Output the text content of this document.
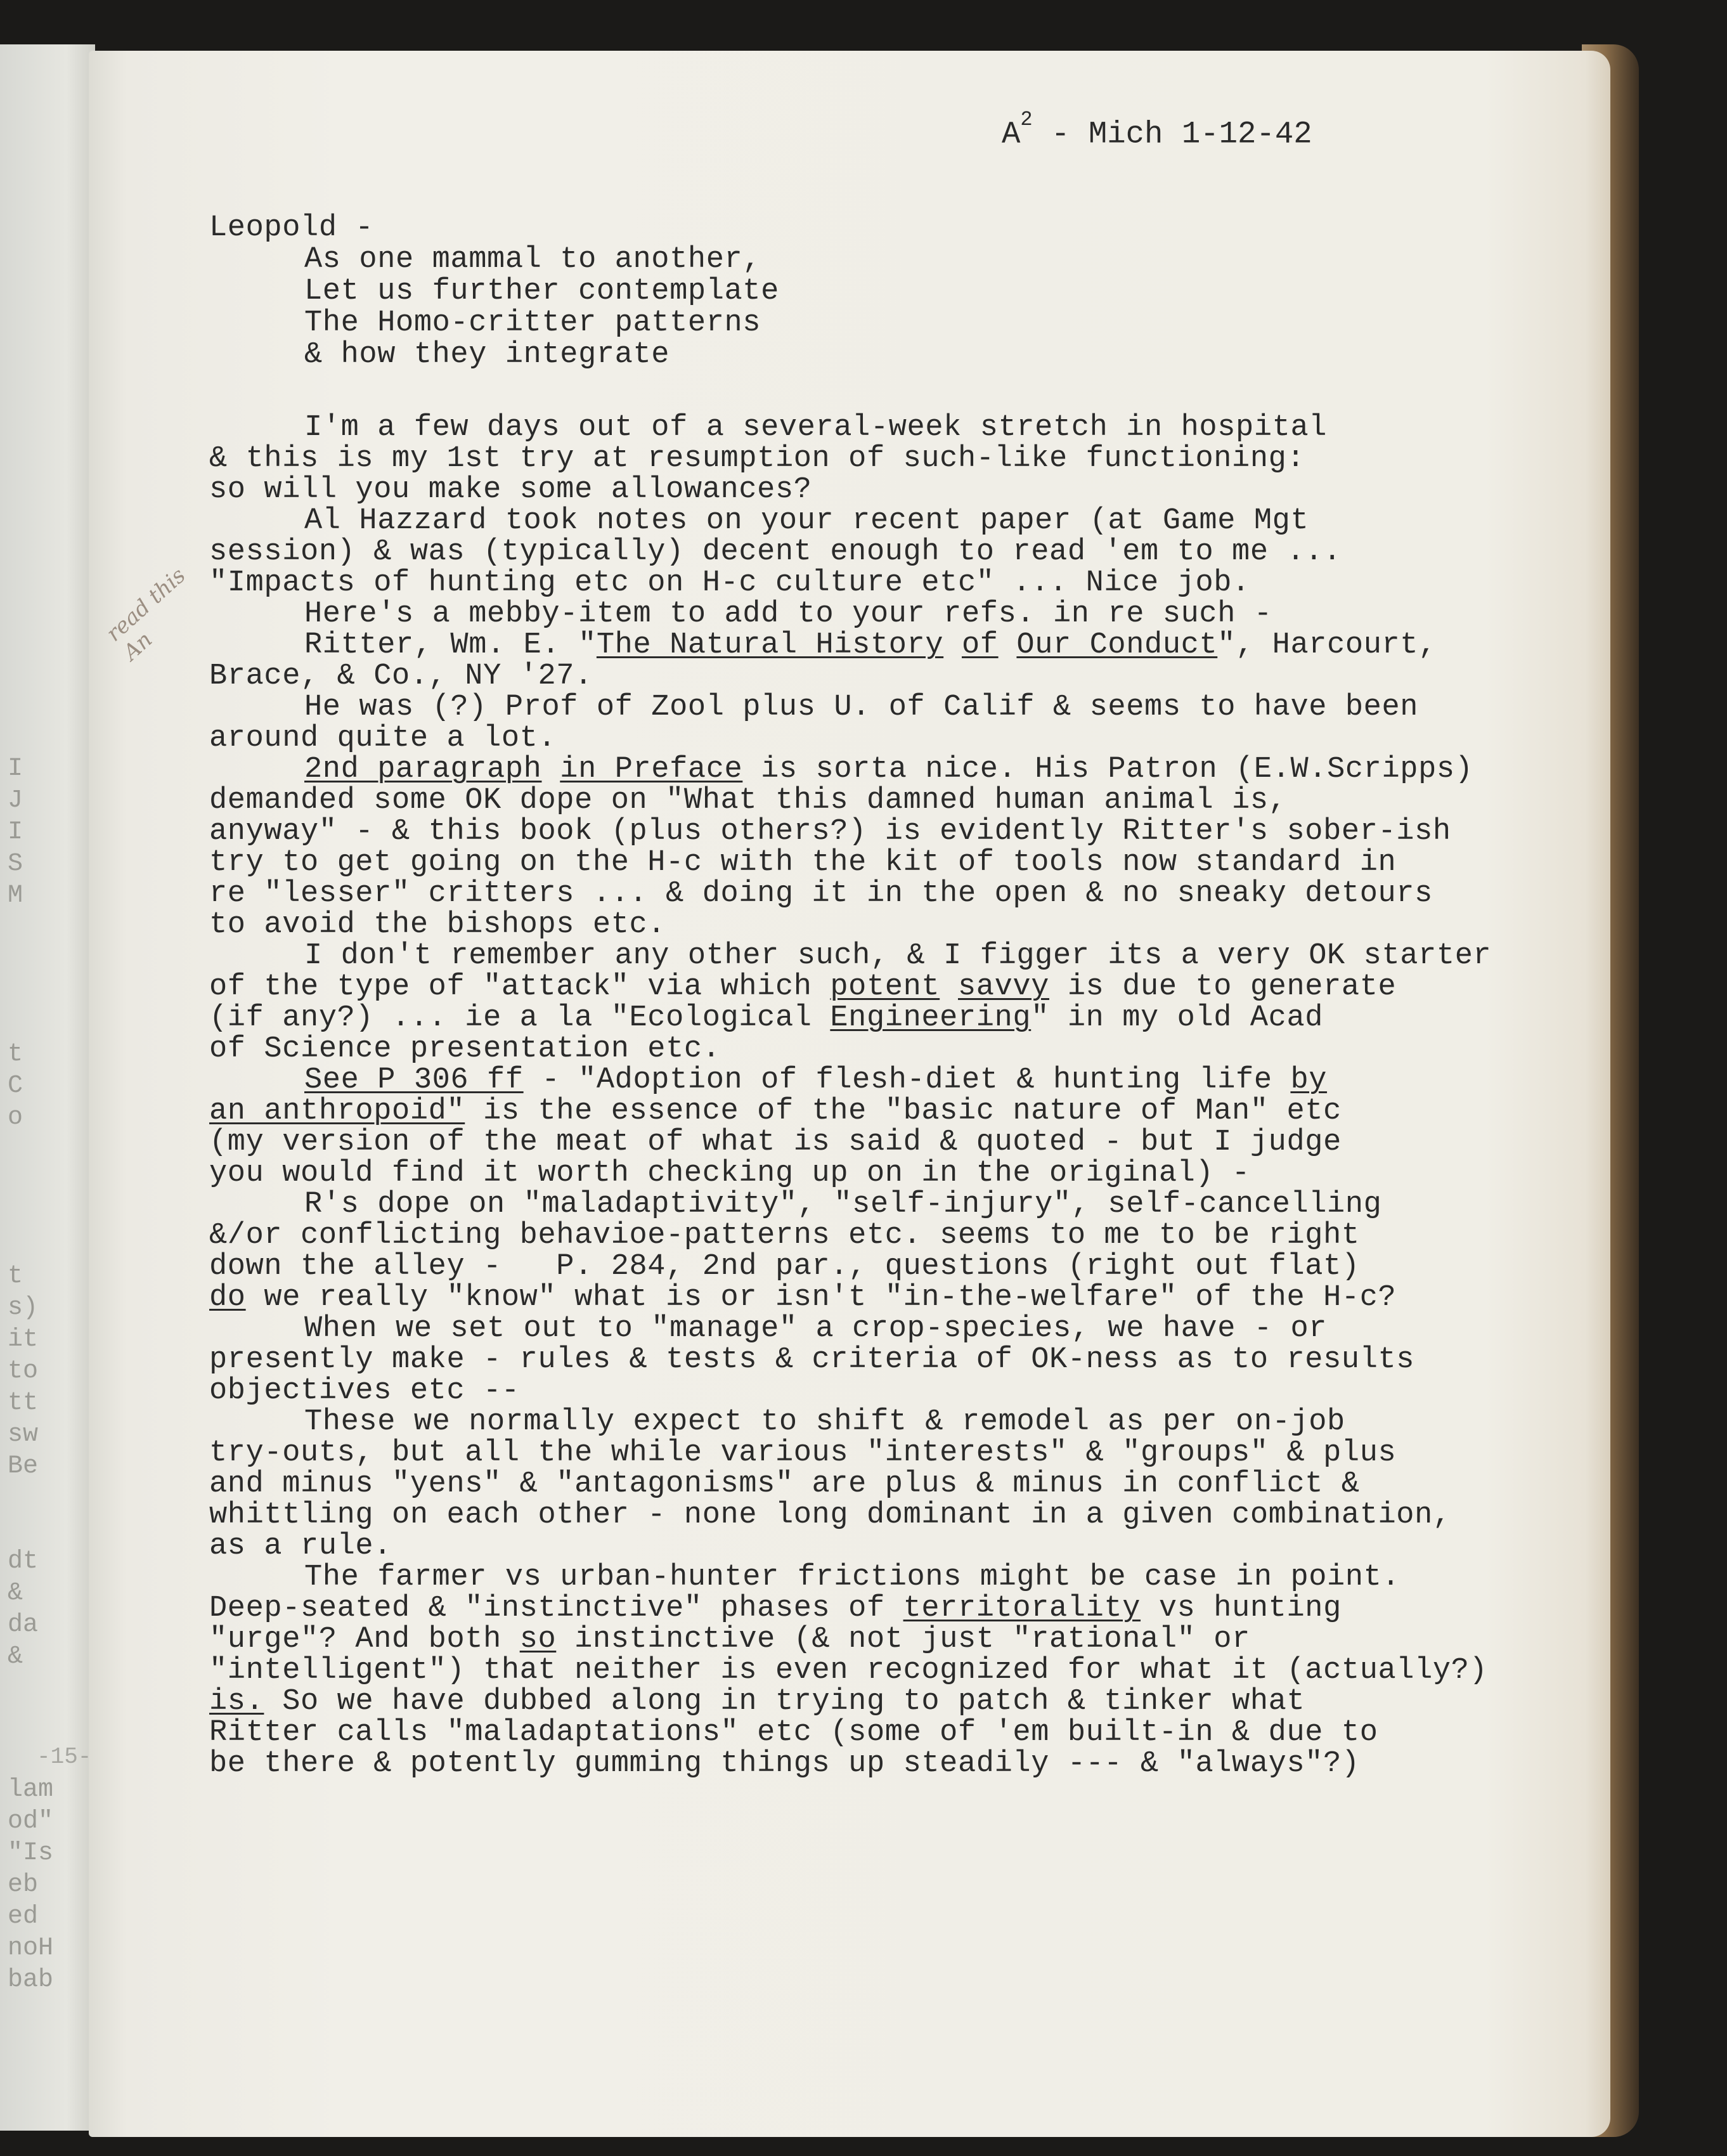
$A^2$ - Mich 1-12-42
read this
An

Leopold -

As one mammal to another,

Let us further contemplate

The Homo-critter patterns

& how they integrate

I'm a few days out of a several-week stretch in hospital

& this is my 1st try at resumption of such-like functioning:

so will you make some allowances?

Al Hazzard took notes on your recent paper (at Game Mgt

session) & was (typically) decent enough to read 'em to me ...

"Impacts of hunting etc on H-c culture etc" ... Nice job.

Here's a mebby-item to add to your refs. in re such -

Ritter, Wm. E. "The Natural History of Our Conduct", Harcourt,

Brace, & Co., NY '27.

He was (?) Prof of Zool plus U. of Calif & seems to have been

around quite a lot.

2nd paragraph in Preface is sorta nice. His Patron (E.W.Scripps)

demanded some OK dope on "What this damned human animal is,

anyway" - & this book (plus others?) is evidently Ritter's sober-ish

try to get going on the H-c with the kit of tools now standard in

re "lesser" critters ... & doing it in the open & no sneaky detours

to avoid the bishops etc.

I don't remember any other such, & I figger its a very OK starter

of the type of "attack" via which potent savvy is due to generate

(if any?) ... ie a la "Ecological Engineering" in my old Acad

of Science presentation etc.

See P 306 ff - "Adoption of flesh-diet & hunting life by

an anthropoid" is the essence of the "basic nature of Man" etc

(my version of the meat of what is said & quoted - but I judge

you would find it worth checking up on in the original) -

R's dope on "maladaptivity", "self-injury", self-cancelling

&/or conflicting behavioe-patterns etc. seems to me to be right

down the alley -   P. 284, 2nd par., questions (right out flat)

do we really "know" what is or isn't "in-the-welfare" of the H-c?

When we set out to "manage" a crop-species, we have - or

presently make - rules & tests & criteria of OK-ness as to results

objectives etc --

These we normally expect to shift & remodel as per on-job

try-outs, but all the while various "interests" & "groups" & plus

and minus "yens" & "antagonisms" are plus & minus in conflict &

whittling on each other - none long dominant in a given combination,

as a rule.

The farmer vs urban-hunter frictions might be case in point.

Deep-seated & "instinctive" phases of territorality vs hunting

"urge"? And both so instinctive (& not just "rational" or

"intelligent") that neither is even recognized for what it (actually?)

is. So we have dubbed along in trying to patch & tinker what

Ritter calls "maladaptations" etc (some of 'em built-in & due to

be there & potently gumming things up steadily --- & "always"?)

-15-
I
J
I
S
M
t
C
o
t
s)
it
to
tt
sw
Be
dt
&
da
&
lam
od"
"Is
eb
ed
noH
bab
